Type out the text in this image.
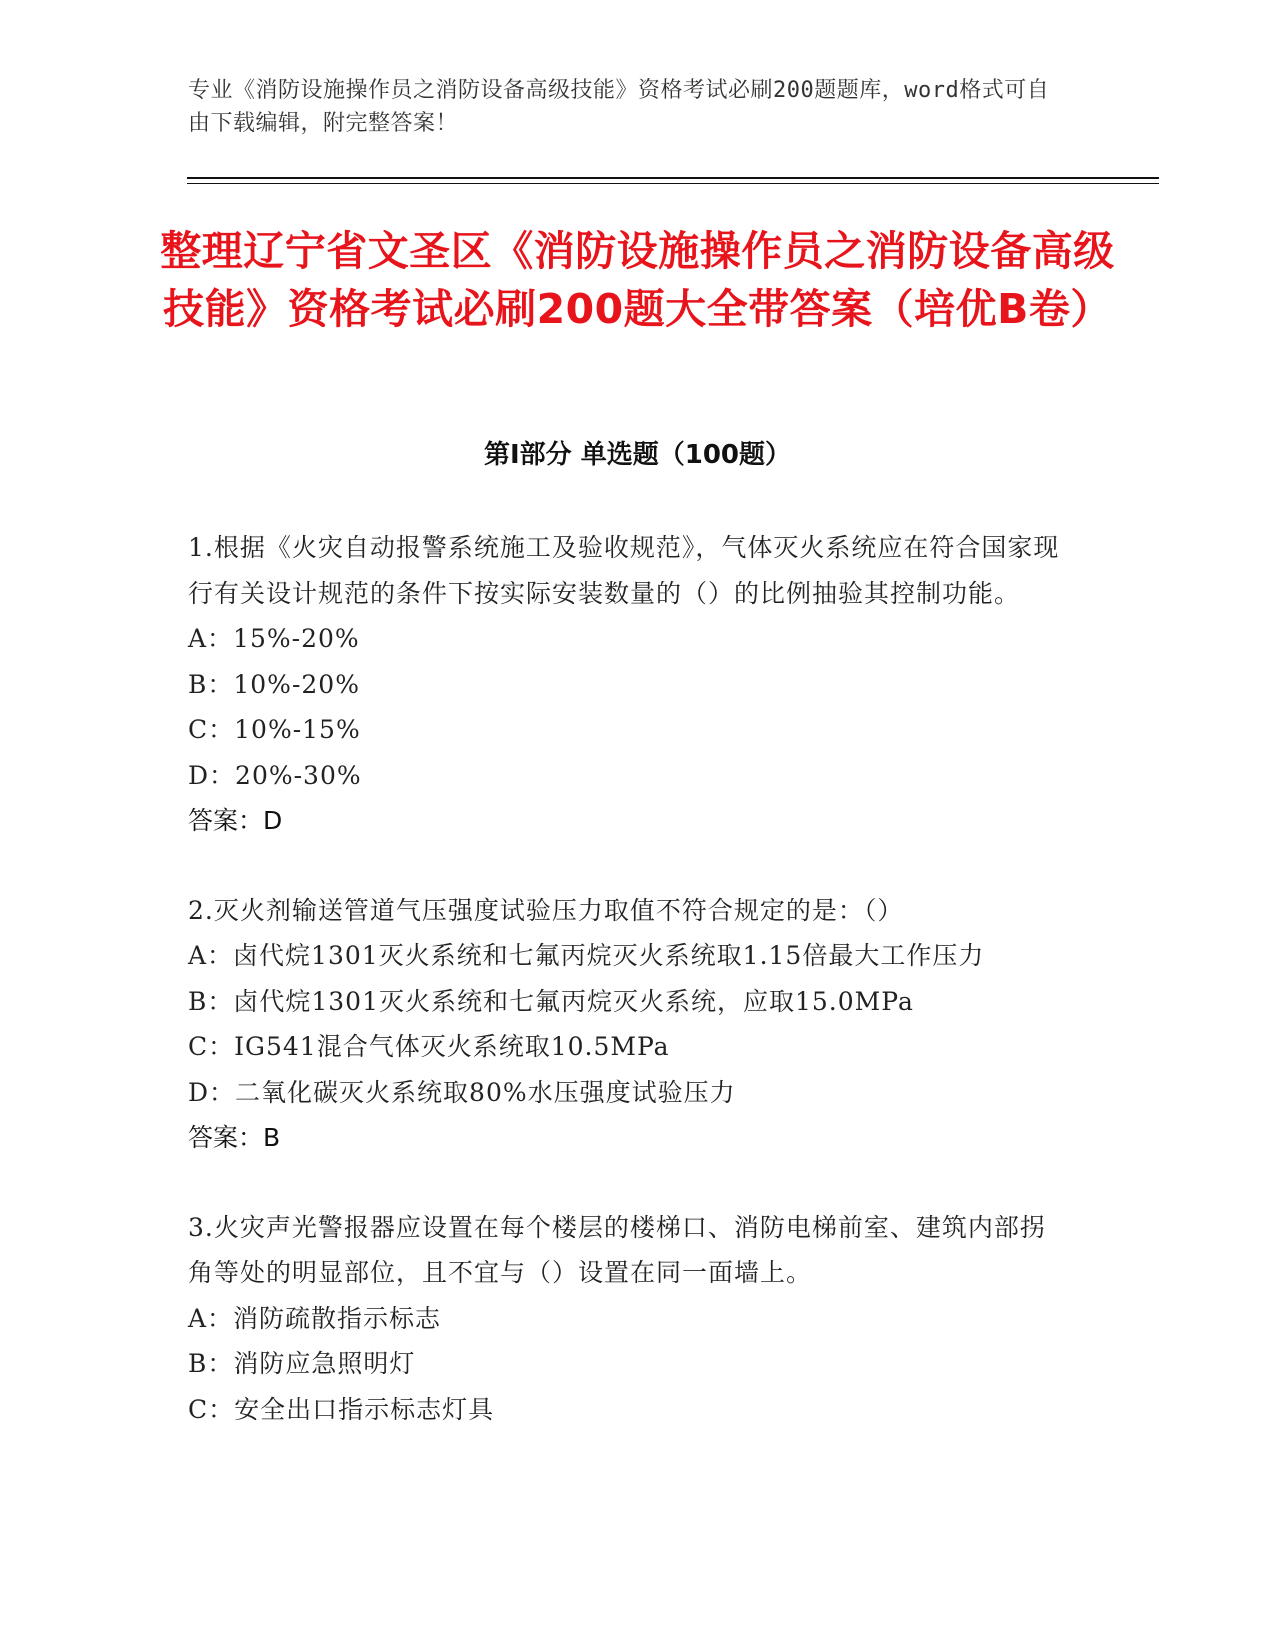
专业《消防设施操作员之消防设备高级技能》资格考试必刷200题题库，word格式可自由下载编辑，附完整答案！
整理辽宁省文圣区《消防设施操作员之消防设备高级技能》资格考试必刷200题大全带答案（培优B卷）
第Ⅰ部分 单选题（100题）
1.根据《火灾自动报警系统施工及验收规范》，气体灭火系统应在符合国家现行有关设计规范的条件下按实际安装数量的（）的比例抽验其控制功能。
A：15%-20%
B：10%-20%
C：10%-15%
D：20%-30%
答案：D
2.灭火剂输送管道气压强度试验压力取值不符合规定的是：（）
A：卤代烷1301灭火系统和七氟丙烷灭火系统取1.15倍最大工作压力
B：卤代烷1301灭火系统和七氟丙烷灭火系统，应取15.0MPa
C：IG541混合气体灭火系统取10.5MPa
D：二氧化碳灭火系统取80%水压强度试验压力
答案：B
3.火灾声光警报器应设置在每个楼层的楼梯口、消防电梯前室、建筑内部拐角等处的明显部位，且不宜与（）设置在同一面墙上。
A：消防疏散指示标志
B：消防应急照明灯
C：安全出口指示标志灯具
